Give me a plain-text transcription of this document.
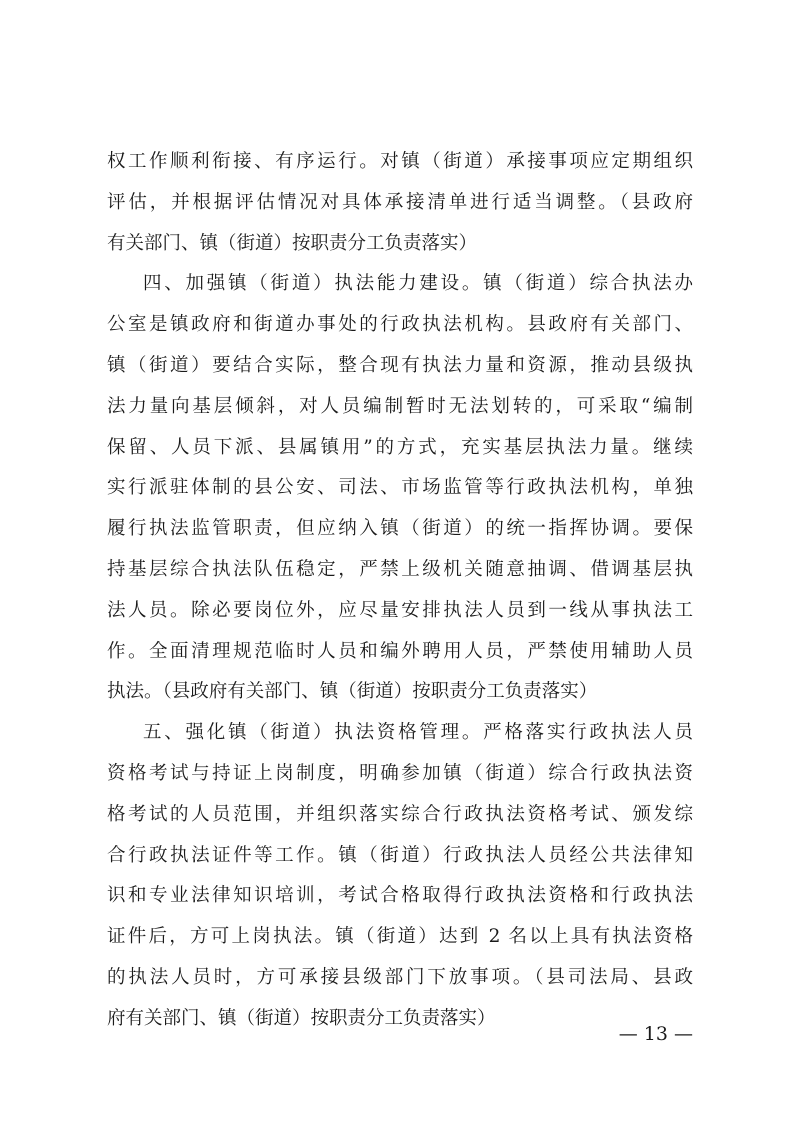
权工作顺利衔接、有序运行。对镇（街道）承接事项应定期组织
评估，并根据评估情况对具体承接清单进行适当调整。（县政府
有关部门、镇（街道）按职责分工负责落实）
四、加强镇（街道）执法能力建设。镇（街道）综合执法办
公室是镇政府和街道办事处的行政执法机构。县政府有关部门、
镇（街道）要结合实际，整合现有执法力量和资源，推动县级执
法力量向基层倾斜，对人员编制暂时无法划转的，可采取“编制
保留、人员下派、县属镇用”的方式，充实基层执法力量。继续
实行派驻体制的县公安、司法、市场监管等行政执法机构，单独
履行执法监管职责，但应纳入镇（街道）的统一指挥协调。要保
持基层综合执法队伍稳定，严禁上级机关随意抽调、借调基层执
法人员。除必要岗位外，应尽量安排执法人员到一线从事执法工
作。全面清理规范临时人员和编外聘用人员，严禁使用辅助人员
执法。（县政府有关部门、镇（街道）按职责分工负责落实）
五、强化镇（街道）执法资格管理。严格落实行政执法人员
资格考试与持证上岗制度，明确参加镇（街道）综合行政执法资
格考试的人员范围，并组织落实综合行政执法资格考试、颁发综
合行政执法证件等工作。镇（街道）行政执法人员经公共法律知
识和专业法律知识培训，考试合格取得行政执法资格和行政执法
证件后，方可上岗执法。镇（街道）达到 2 名以上具有执法资格
的执法人员时，方可承接县级部门下放事项。（县司法局、县政
府有关部门、镇（街道）按职责分工负责落实）
— 13 —
